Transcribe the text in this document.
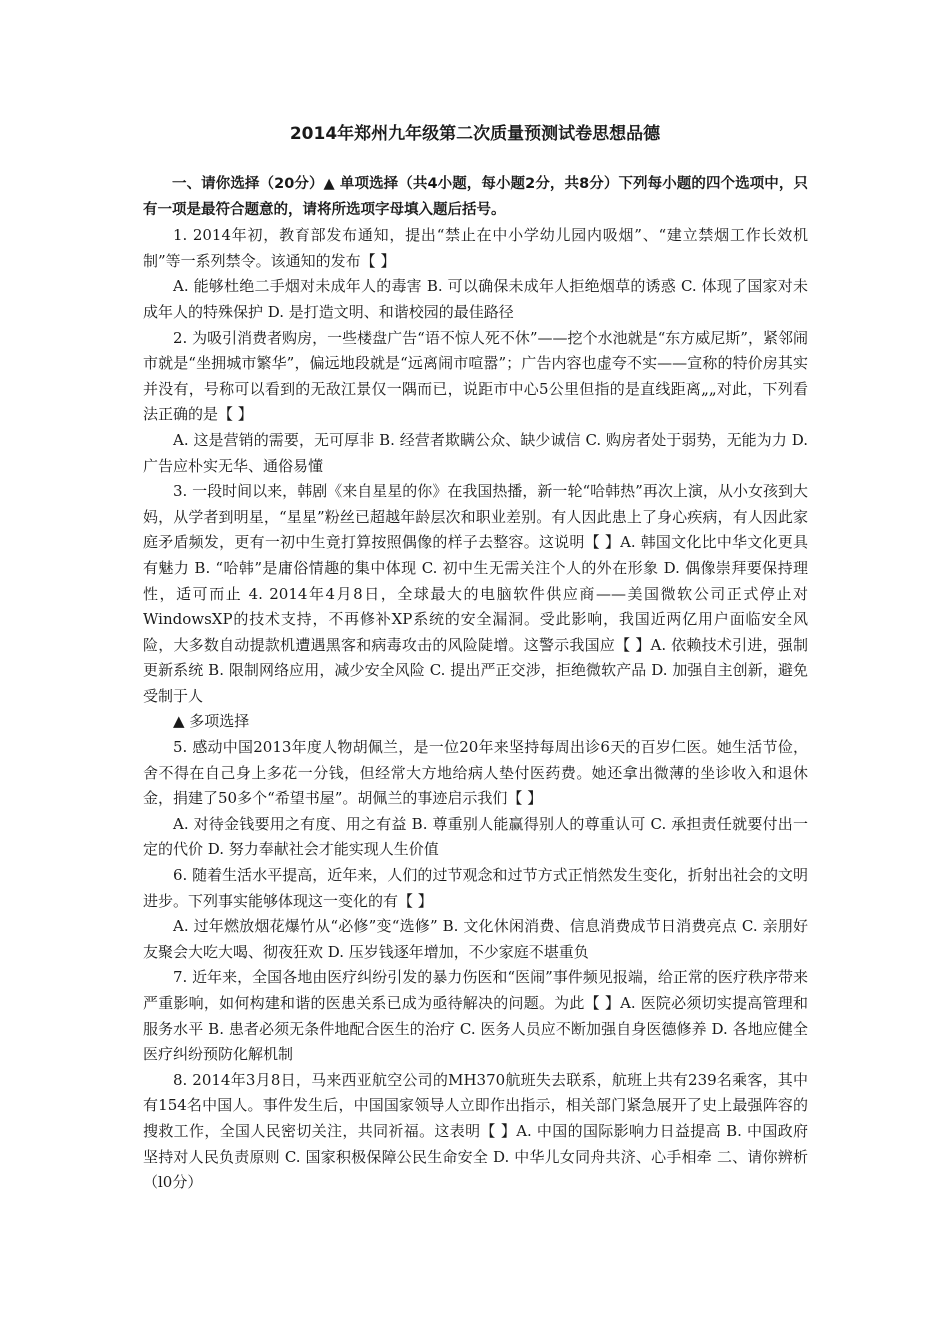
2014年郑州九年级第二次质量预测试卷思想品德

一、请你选择（20分）▲ 单项选择（共4小题，每小题2分，共8分）下列每小题的四个选项中，只有一项是最符合题意的，请将所选项字母填入题后括号。

1. 2014年初，教育部发布通知，提出“禁止在中小学幼儿园内吸烟”、“建立禁烟工作长效机制”等一系列禁令。该通知的发布【 】

A. 能够杜绝二手烟对未成年人的毒害 B. 可以确保未成年人拒绝烟草的诱惑 C. 体现了国家对未成年人的特殊保护 D. 是打造文明、和谐校园的最佳路径

2. 为吸引消费者购房，一些楼盘广告“语不惊人死不休”——挖个水池就是“东方威尼斯”，紧邻闹市就是“坐拥城市繁华”，偏远地段就是“远离闹市喧嚣”；广告内容也虚夸不实——宣称的特价房其实并没有，号称可以看到的无敌江景仅一隅而已，说距市中心5公里但指的是直线距离„„对此，下列看法正确的是【 】

A. 这是营销的需要，无可厚非 B. 经营者欺瞒公众、缺少诚信 C. 购房者处于弱势，无能为力 D. 广告应朴实无华、通俗易懂

3. 一段时间以来，韩剧《来自星星的你》在我国热播，新一轮“哈韩热”再次上演，从小女孩到大妈，从学者到明星，“星星”粉丝已超越年龄层次和职业差别。有人因此患上了身心疾病，有人因此家庭矛盾频发，更有一初中生竟打算按照偶像的样子去整容。这说明【 】A. 韩国文化比中华文化更具有魅力 B. “哈韩”是庸俗情趣的集中体现 C. 初中生无需关注个人的外在形象 D. 偶像崇拜要保持理性，适可而止 4. 2014年4月8日，全球最大的电脑软件供应商——美国微软公司正式停止对WindowsXP的技术支持，不再修补XP系统的安全漏洞。受此影响，我国近两亿用户面临安全风险，大多数自动提款机遭遇黑客和病毒攻击的风险陡增。这警示我国应【 】A. 依赖技术引进，强制更新系统 B. 限制网络应用，减少安全风险 C. 提出严正交涉，拒绝微软产品 D. 加强自主创新，避免受制于人

▲ 多项选择

5. 感动中国2013年度人物胡佩兰，是一位20年来坚持每周出诊6天的百岁仁医。她生活节俭，舍不得在自己身上多花一分钱，但经常大方地给病人垫付医药费。她还拿出微薄的坐诊收入和退休金，捐建了50多个“希望书屋”。胡佩兰的事迹启示我们【 】

A. 对待金钱要用之有度、用之有益 B. 尊重别人能赢得别人的尊重认可 C. 承担责任就要付出一定的代价 D. 努力奉献社会才能实现人生价值

6. 随着生活水平提高，近年来，人们的过节观念和过节方式正悄然发生变化，折射出社会的文明进步。下列事实能够体现这一变化的有【 】

A. 过年燃放烟花爆竹从“必修”变“选修” B. 文化休闲消费、信息消费成节日消费亮点 C. 亲朋好友聚会大吃大喝、彻夜狂欢 D. 压岁钱逐年增加，不少家庭不堪重负

7. 近年来，全国各地由医疗纠纷引发的暴力伤医和“医闹”事件频见报端，给正常的医疗秩序带来严重影响，如何构建和谐的医患关系已成为亟待解决的问题。为此【 】A. 医院必须切实提高管理和服务水平 B. 患者必须无条件地配合医生的治疗 C. 医务人员应不断加强自身医德修养 D. 各地应健全医疗纠纷预防化解机制

8. 2014年3月8日，马来西亚航空公司的MH370航班失去联系，航班上共有239名乘客，其中有154名中国人。事件发生后，中国国家领导人立即作出指示，相关部门紧急展开了史上最强阵容的搜救工作，全国人民密切关注，共同祈福。这表明【 】A. 中国的国际影响力日益提高 B. 中国政府坚持对人民负责原则 C. 国家积极保障公民生命安全 D. 中华儿女同舟共济、心手相牵 二、请你辨析（l0分）
